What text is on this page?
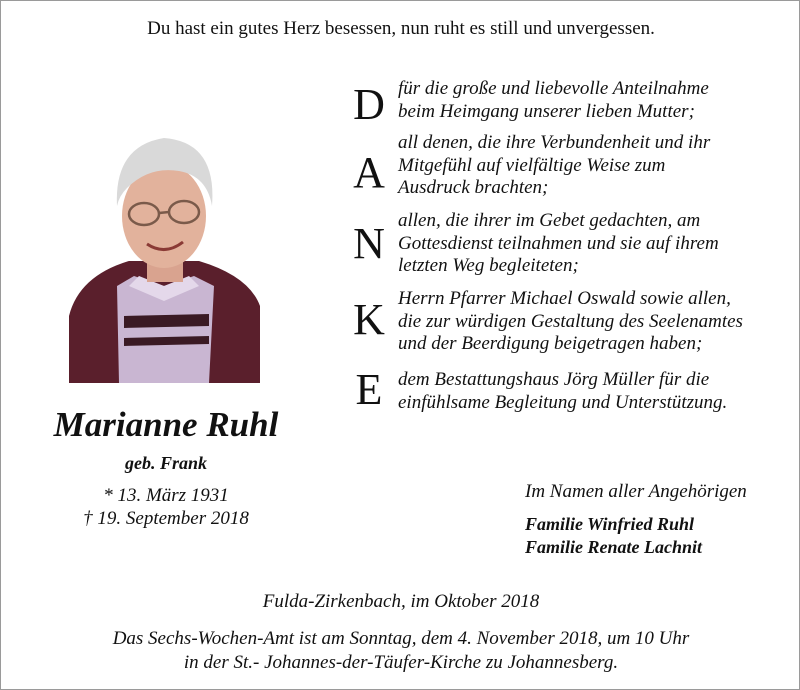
Du hast ein gutes Herz besessen, nun ruht es still und unvergessen.
Marianne Ruhl
geb. Frank
* 13. März 1931
† 19. September 2018
D für die große und liebevolle Anteilnahme
beim Heimgang unserer lieben Mutter;
A
all denen, die ihre Verbundenheit und ihr
Mitgefühl auf vielfältige Weise zum
Ausdruck brachten;
N allen, die ihrer im Gebet gedachten, am
Gottesdienst teilnahmen und sie auf ihrem
letzten Weg begleiteten;
K Herrn Pfarrer Michael Oswald sowie allen,
die zur würdigen Gestaltung des Seelenamtes
und der Beerdigung beigetragen haben;
E dem Bestattungshaus Jörg Müller für die
einfühlsame Begleitung und Unterstützung.
Im Namen aller Angehörigen
Familie Winfried Ruhl
Familie Renate Lachnit
Fulda-Zirkenbach, im Oktober 2018
Das Sechs-Wochen-Amt ist am Sonntag, dem 4. November 2018, um 10 Uhr
in der St.- Johannes-der-Täufer-Kirche zu Johannesberg.
